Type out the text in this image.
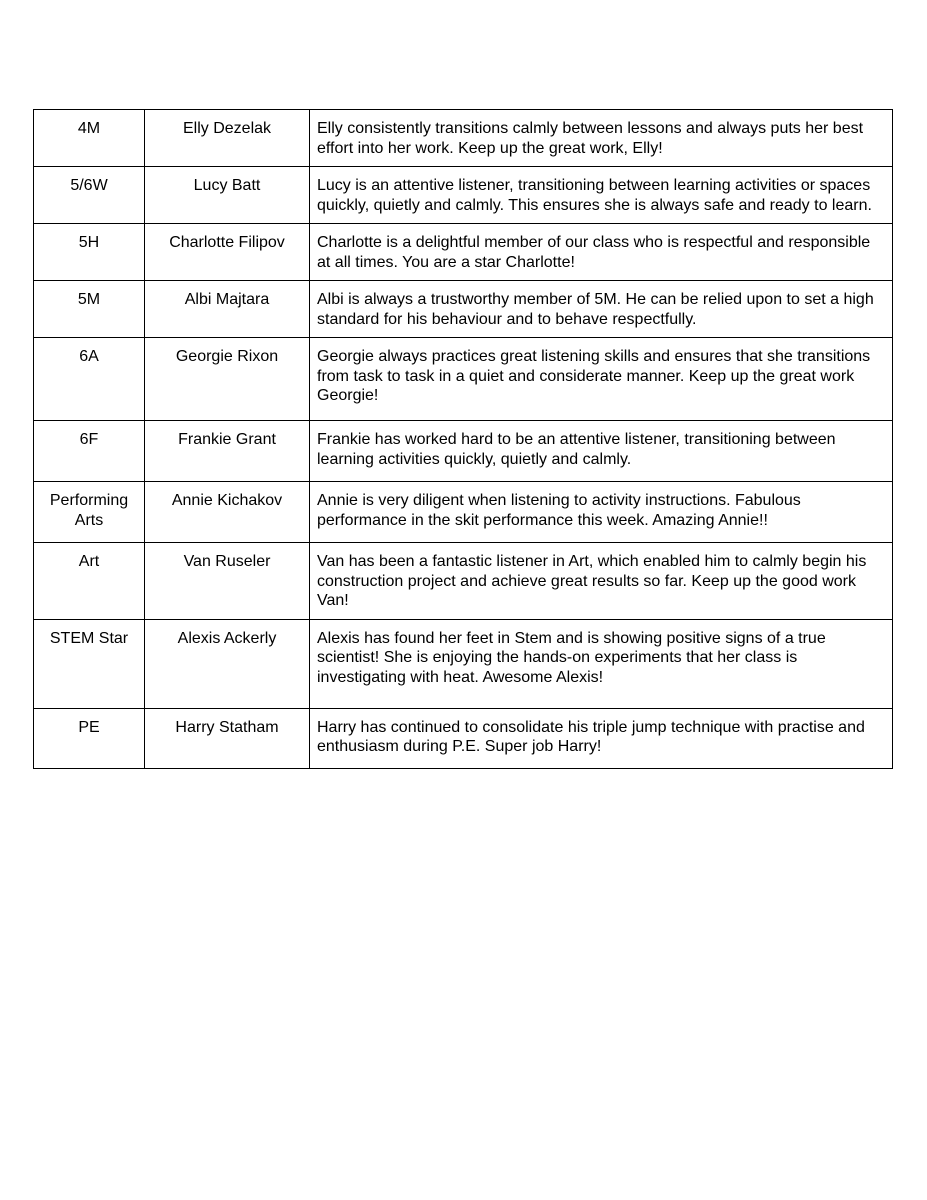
4M	Elly Dezelak	Elly consistently transitions calmly between lessons and always puts her best effort into her work. Keep up the great work, Elly!
5/6W	Lucy Batt	Lucy is an attentive listener, transitioning between learning activities or spaces quickly, quietly and calmly. This ensures she is always safe and ready to learn.
5H	Charlotte Filipov	Charlotte is a delightful member of our class who is respectful and responsible at all times. You are a star Charlotte!
5M	Albi Majtara	Albi is always a trustworthy member of 5M. He can be relied upon to set a high standard for his behaviour and to behave respectfully.
6A	Georgie Rixon	Georgie always practices great listening skills and ensures that she transitions from task to task in a quiet and considerate manner. Keep up the great work Georgie!
6F	Frankie Grant	Frankie has worked hard to be an attentive listener, transitioning between learning activities quickly, quietly and calmly.
Performing Arts	Annie Kichakov	Annie is very diligent when listening to activity instructions. Fabulous performance in the skit performance this week. Amazing Annie!!
Art	Van Ruseler	Van has been a fantastic listener in Art, which enabled him to calmly begin his construction project and achieve great results so far. Keep up the good work Van!
STEM Star	Alexis Ackerly	Alexis has found her feet in Stem and is showing positive signs of a true scientist! She is enjoying the hands-on experiments that her class is investigating with heat. Awesome Alexis!
PE	Harry Statham	Harry has continued to consolidate his triple jump technique with practise and enthusiasm during P.E. Super job Harry!
